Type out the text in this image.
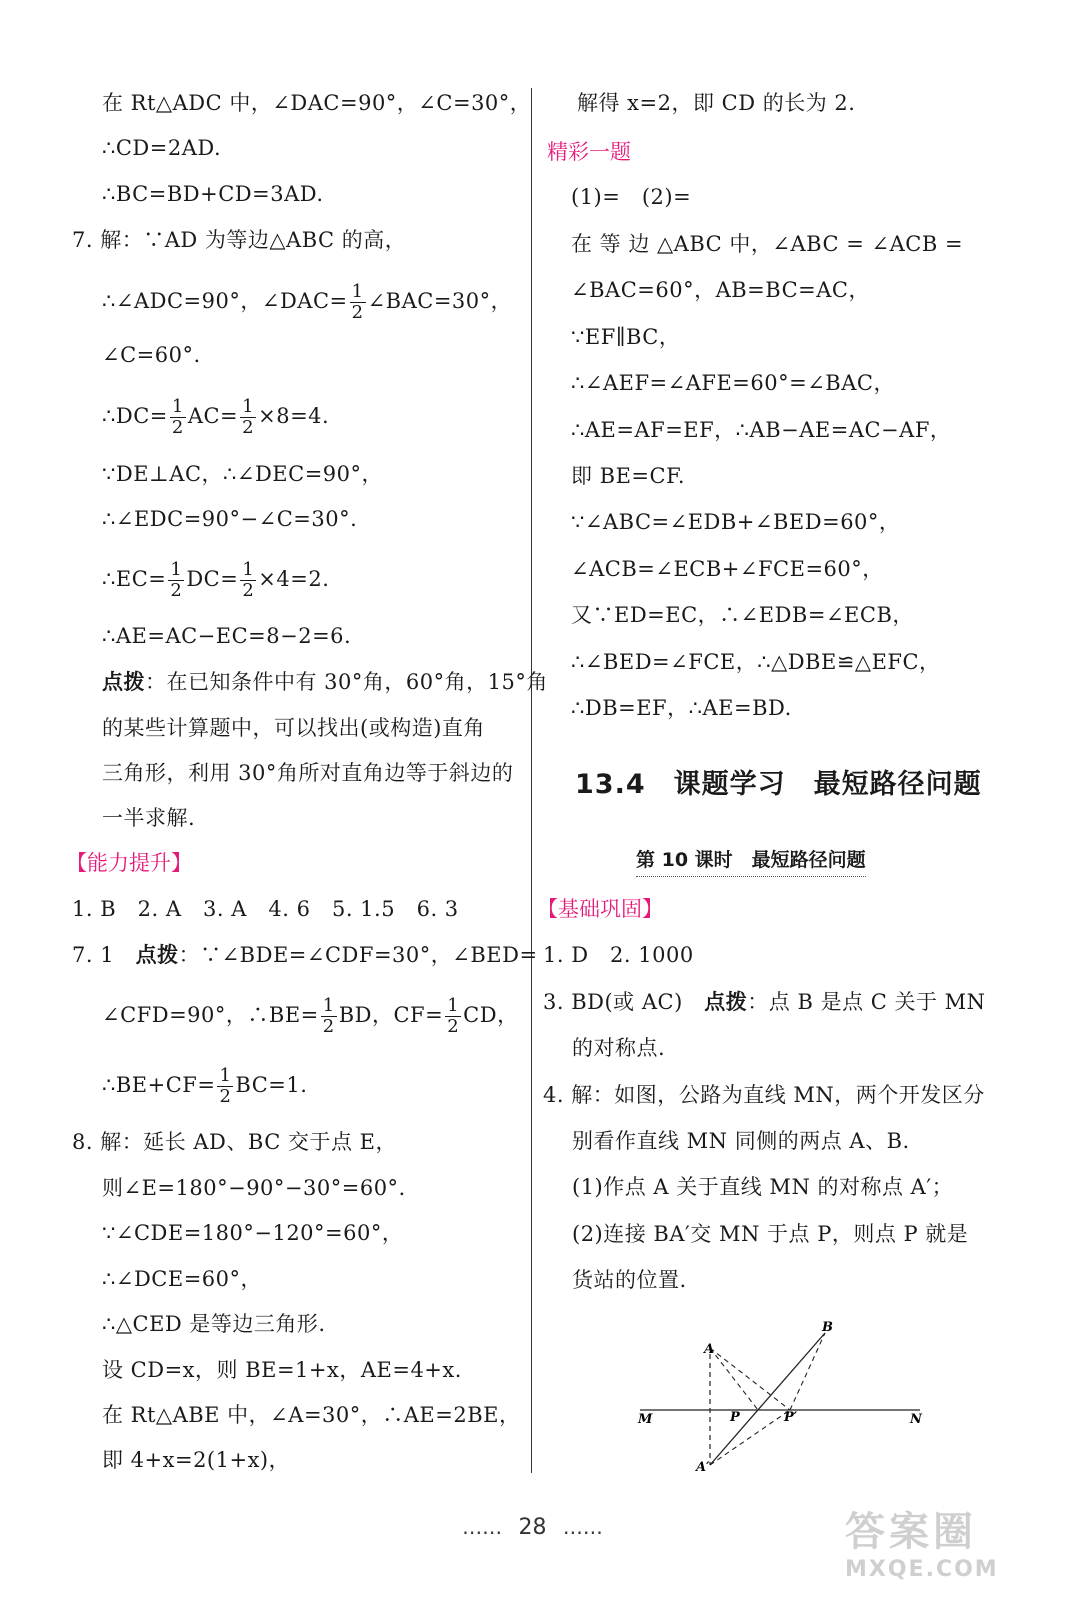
在 Rt△ADC 中，∠DAC=90°，∠C=30°，
∴CD=2AD.
∴BC=BD+CD=3AD.
7. 解：∵AD 为等边△ABC 的高，
∴∠ADC=90°，∠DAC= $\frac{1}{2}$ ∠BAC=30°，
∠C=60°.
∴DC= $\frac{1}{2} AC= \frac{1}{2} \times 8=4$.
∵DE⊥AC，∴∠DEC=90°，
∴∠EDC=90°−∠C=30°.
∴EC= $\frac{1}{2} DC= \frac{1}{2} \times 4=2$.
∴AE=AC−EC=8−2=6.
点拨：在已知条件中有 30°角，60°角，15°角
的某些计算题中，可以找出(或构造)直角
三角形，利用 30°角所对直角边等于斜边的
一半求解.
【能力提升】
1. B　2. A　3. A　4. 6　5. 1.5　6. 3
7. 1　点拨：∵∠BDE=∠CDF=30°，∠BED=
∠CFD=90°，∴BE= $\frac{1}{2}$ BD，$CF= \frac{1}{2}$ CD，
∴BE+CF= $\frac{1}{2} BC=1$.
8. 解：延长 AD、BC 交于点 E，
则∠E=180°−90°−30°=60°.
∵∠CDE=180°−120°=60°，
∴∠DCE=60°，
∴△CED 是等边三角形.
设 CD=x，则 BE=1+x，AE=4+x.
在 Rt△ABE 中，∠A=30°，∴AE=2BE，
即 4+x=2(1+x)，
解得 x=2，即 CD 的长为 2.
精彩一题
(1)=　(2)=
在 等 边 △ABC 中，∠ABC = ∠ACB =
∠BAC=60°，AB=BC=AC，
∵EF∥BC，
∴∠AEF=∠AFE=60°=∠BAC，
∴AE=AF=EF，∴AB−AE=AC−AF，
即 BE=CF.
∵∠ABC=∠EDB+∠BED=60°，
∠ACB=∠ECB+∠FCE=60°，
又∵ED=EC，∴∠EDB=∠ECB，
∴∠BED=∠FCE，∴△DBE≌△EFC，
∴DB=EF，∴AE=BD.
13.4　课题学习　最短路径问题
第 10 课时　最短路径问题
【基础巩固】
1. D　2. 1000
3. BD(或 AC)　点拨：点 B 是点 C 关于 MN
的对称点.
4. 解：如图，公路为直线 MN，两个开发区分
别看作直线 MN 同侧的两点 A、B.
(1)作点 A 关于直线 MN 的对称点 A′；
(2)连接 BA′交 MN 于点 P，则点 P 就是
货站的位置.
A
B
M	N
P	P′
A′
…… 28 ……	答案圈
MXQE.COM
